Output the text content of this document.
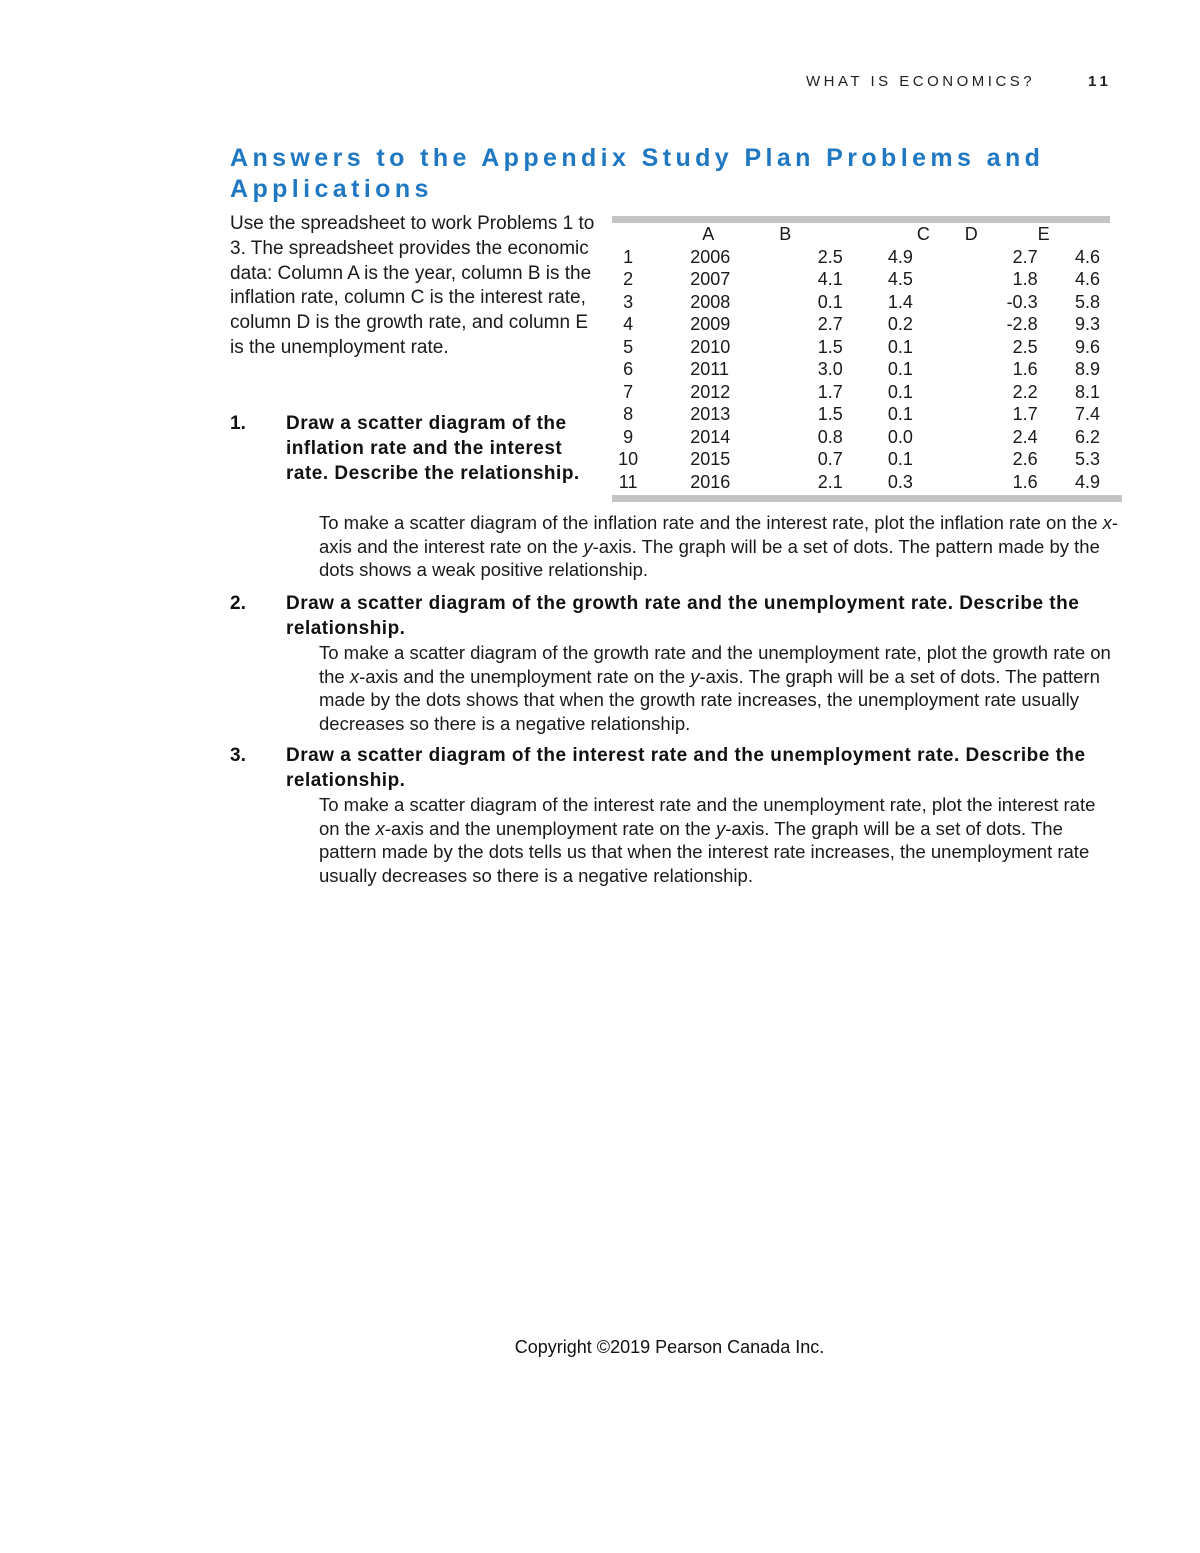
WHAT IS ECONOMICS?	11
Answers to the Appendix Study Plan Problems and Applications

Use the spreadsheet to work Problems 1 to 3. The spreadsheet provides the economic data: Column A is the year, column B is the inflation rate, column C is the interest rate, column D is the growth rate, and column E is the unemployment rate.

	A	B	C	D	E
1	2006	2.5	4.9	2.7	4.6
2	2007	4.1	4.5	1.8	4.6
3	2008	0.1	1.4	-0.3	5.8
4	2009	2.7	0.2	-2.8	9.3
5	2010	1.5	0.1	2.5	9.6
6	2011	3.0	0.1	1.6	8.9
7	2012	1.7	0.1	2.2	8.1
8	2013	1.5	0.1	1.7	7.4
9	2014	0.8	0.0	2.4	6.2
10	2015	0.7	0.1	2.6	5.3
11	2016	2.1	0.3	1.6	4.9
1. Draw a scatter diagram of the inflation rate and the interest rate. Describe the relationship.

To make a scatter diagram of the inflation rate and the interest rate, plot the inflation rate on the x-axis and the interest rate on the y-axis. The graph will be a set of dots. The pattern made by the dots shows a weak positive relationship.

2. Draw a scatter diagram of the growth rate and the unemployment rate. Describe the relationship.

To make a scatter diagram of the growth rate and the unemployment rate, plot the growth rate on the x-axis and the unemployment rate on the y-axis. The graph will be a set of dots. The pattern made by the dots shows that when the growth rate increases, the unemployment rate usually decreases so there is a negative relationship.

3. Draw a scatter diagram of the interest rate and the unemployment rate. Describe the relationship.

To make a scatter diagram of the interest rate and the unemployment rate, plot the interest rate on the x-axis and the unemployment rate on the y-axis. The graph will be a set of dots. The pattern made by the dots tells us that when the interest rate increases, the unemployment rate usually decreases so there is a negative relationship.

Copyright ©2019 Pearson Canada Inc.
